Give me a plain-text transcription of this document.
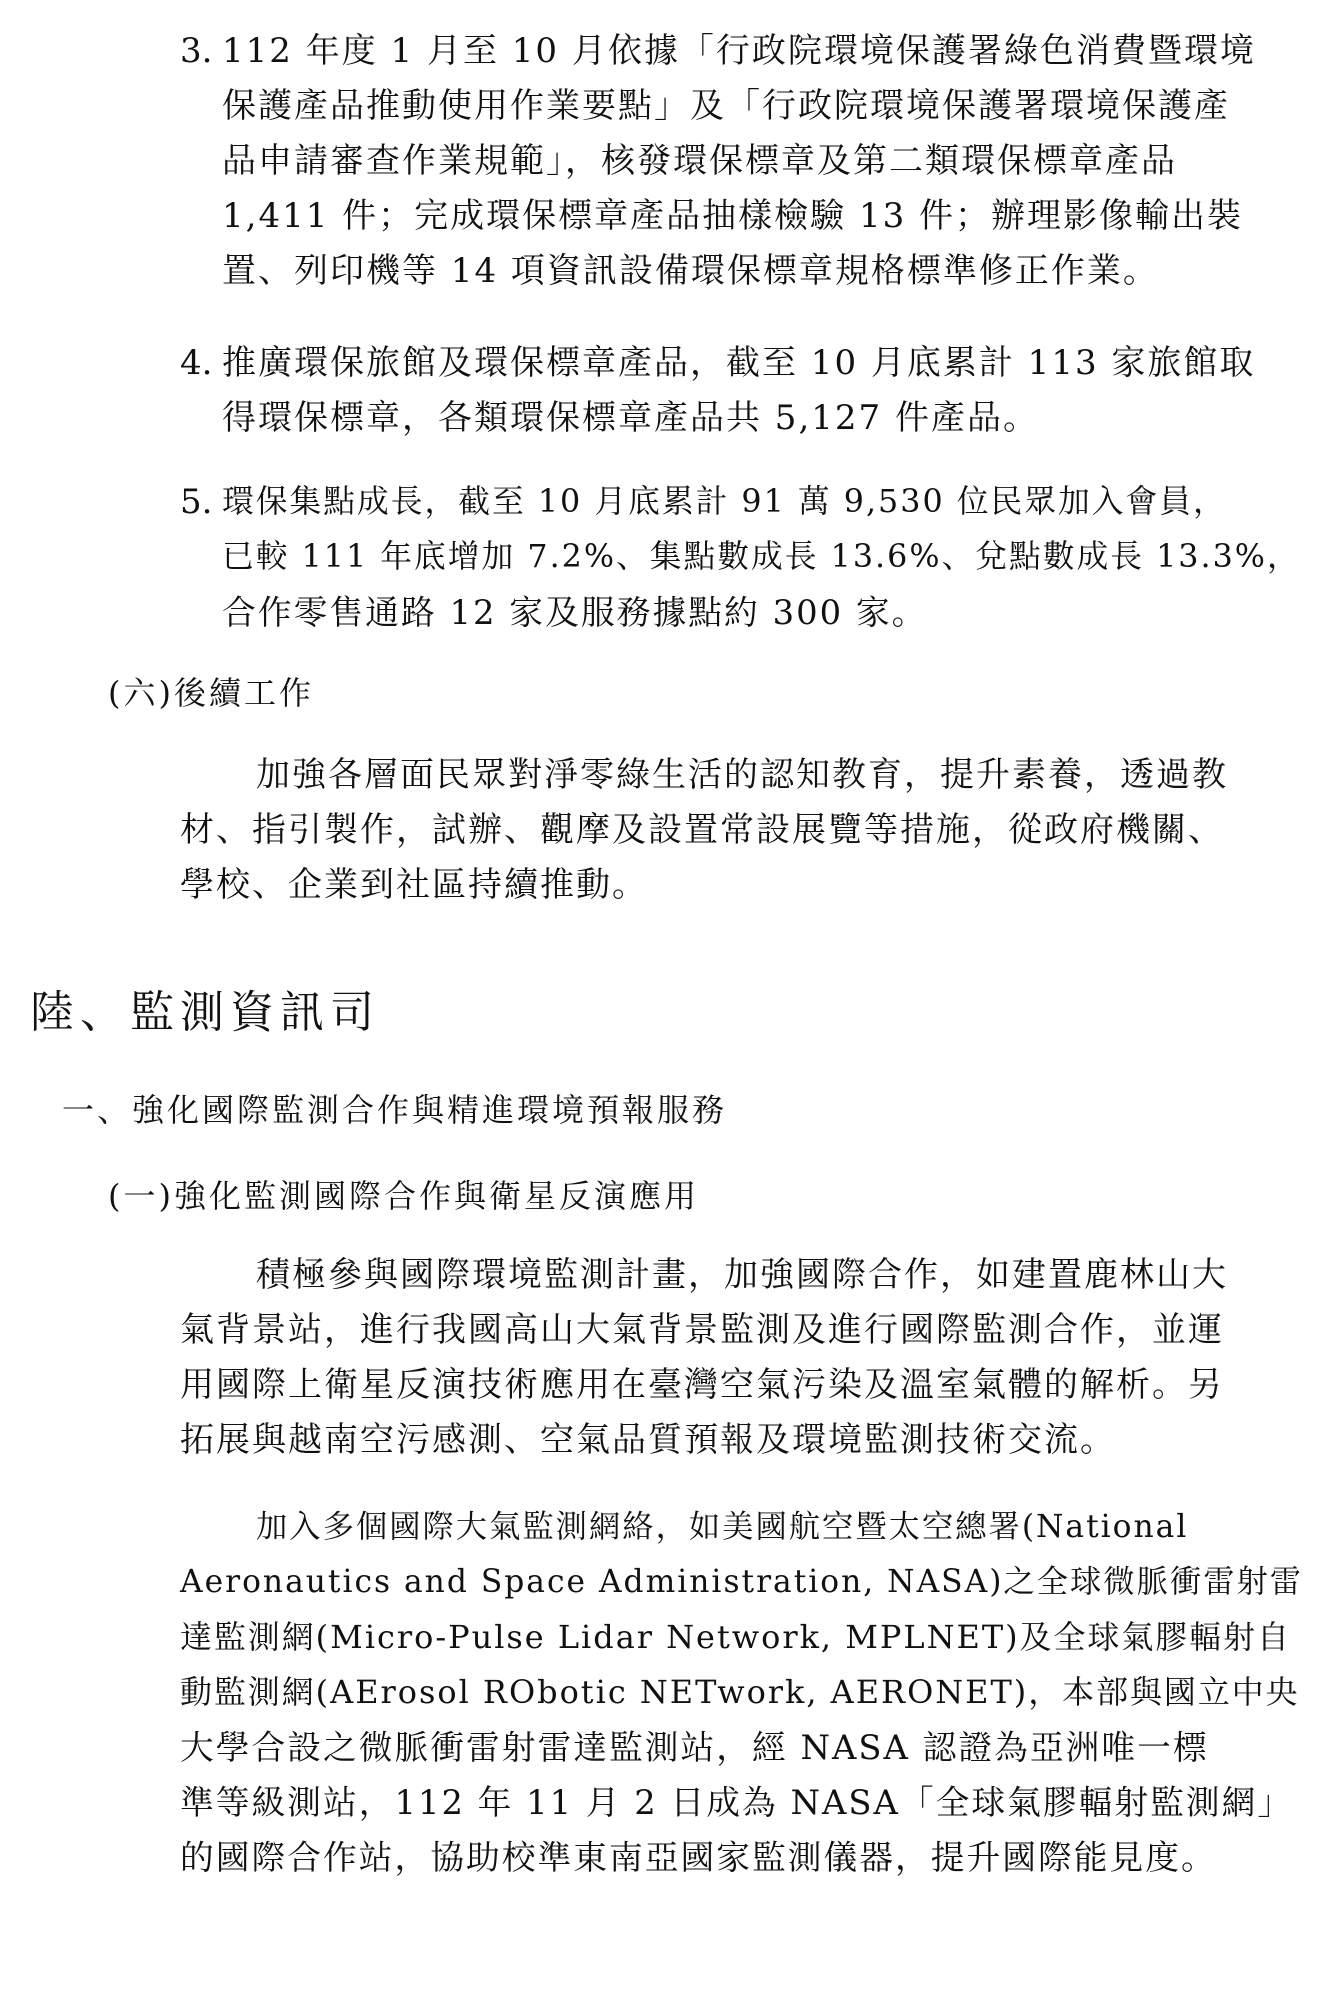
3. 112 年度 1 月至 10 月依據「行政院環境保護署綠色消費暨環境
保護產品推動使用作業要點」及「行政院環境保護署環境保護產
品申請審查作業規範」，核發環保標章及第二類環保標章產品
1,411 件；完成環保標章產品抽樣檢驗 13 件；辦理影像輸出裝
置、列印機等 14 項資訊設備環保標章規格標準修正作業。
4. 推廣環保旅館及環保標章產品，截至 10 月底累計 113 家旅館取
得環保標章，各類環保標章產品共 5,127 件產品。
5. 環保集點成長，截至 10 月底累計 91 萬 9,530 位民眾加入會員，
已較 111 年底增加 7.2%、集點數成長 13.6%、兌點數成長 13.3%，
合作零售通路 12 家及服務據點約 300 家。
(六)後續工作
加強各層面民眾對淨零綠生活的認知教育，提升素養，透過教
材、指引製作，試辦、觀摩及設置常設展覽等措施，從政府機關、
學校、企業到社區持續推動。
陸、監測資訊司
一、強化國際監測合作與精進環境預報服務
(一)強化監測國際合作與衛星反演應用
積極參與國際環境監測計畫，加強國際合作，如建置鹿林山大
氣背景站，進行我國高山大氣背景監測及進行國際監測合作，並運
用國際上衛星反演技術應用在臺灣空氣污染及溫室氣體的解析。另
拓展與越南空污感測、空氣品質預報及環境監測技術交流。
加入多個國際大氣監測網絡，如美國航空暨太空總署(National
Aeronautics and Space Administration, NASA)之全球微脈衝雷射雷
達監測網(Micro-Pulse Lidar Network, MPLNET)及全球氣膠輻射自
動監測網(AErosol RObotic NETwork, AERONET)，本部與國立中央
大學合設之微脈衝雷射雷達監測站，經 NASA 認證為亞洲唯一標
準等級測站，112 年 11 月 2 日成為 NASA「全球氣膠輻射監測網」
的國際合作站，協助校準東南亞國家監測儀器，提升國際能見度。
